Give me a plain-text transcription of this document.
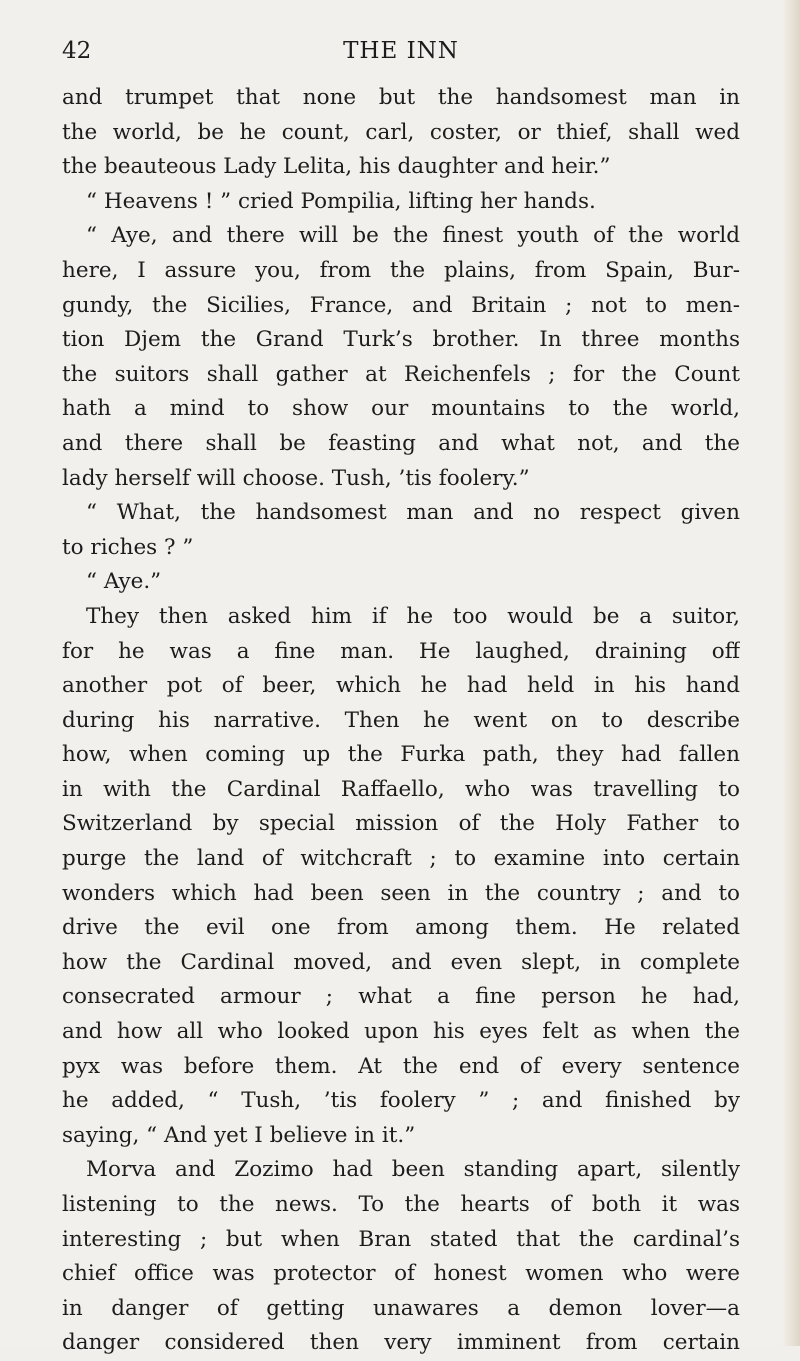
42	THE INN
and trumpet that none but the handsomest man in
the world, be he count, carl, coster, or thief, shall wed
the beauteous Lady Lelita, his daughter and heir.”
“ Heavens ! ” cried Pompilia, lifting her hands.
“ Aye, and there will be the finest youth of the world
here, I assure you, from the plains, from Spain, Bur-
gundy, the Sicilies, France, and Britain ; not to men-
tion Djem the Grand Turk’s brother. In three months
the suitors shall gather at Reichenfels ; for the Count
hath a mind to show our mountains to the world,
and there shall be feasting and what not, and the
lady herself will choose. Tush, ’tis foolery.”
“ What, the handsomest man and no respect given
to riches ? ”
“ Aye.”
They then asked him if he too would be a suitor,
for he was a fine man. He laughed, draining off
another pot of beer, which he had held in his hand
during his narrative. Then he went on to describe
how, when coming up the Furka path, they had fallen
in with the Cardinal Raffaello, who was travelling to
Switzerland by special mission of the Holy Father to
purge the land of witchcraft ; to examine into certain
wonders which had been seen in the country ; and to
drive the evil one from among them. He related
how the Cardinal moved, and even slept, in complete
consecrated armour ; what a fine person he had,
and how all who looked upon his eyes felt as when the
pyx was before them. At the end of every sentence
he added, “ Tush, ’tis foolery ” ; and finished by
saying, “ And yet I believe in it.”
Morva and Zozimo had been standing apart, silently
listening to the news. To the hearts of both it was
interesting ; but when Bran stated that the cardinal’s
chief office was protector of honest women who were
in danger of getting unawares a demon lover—a
danger considered then very imminent from certain
